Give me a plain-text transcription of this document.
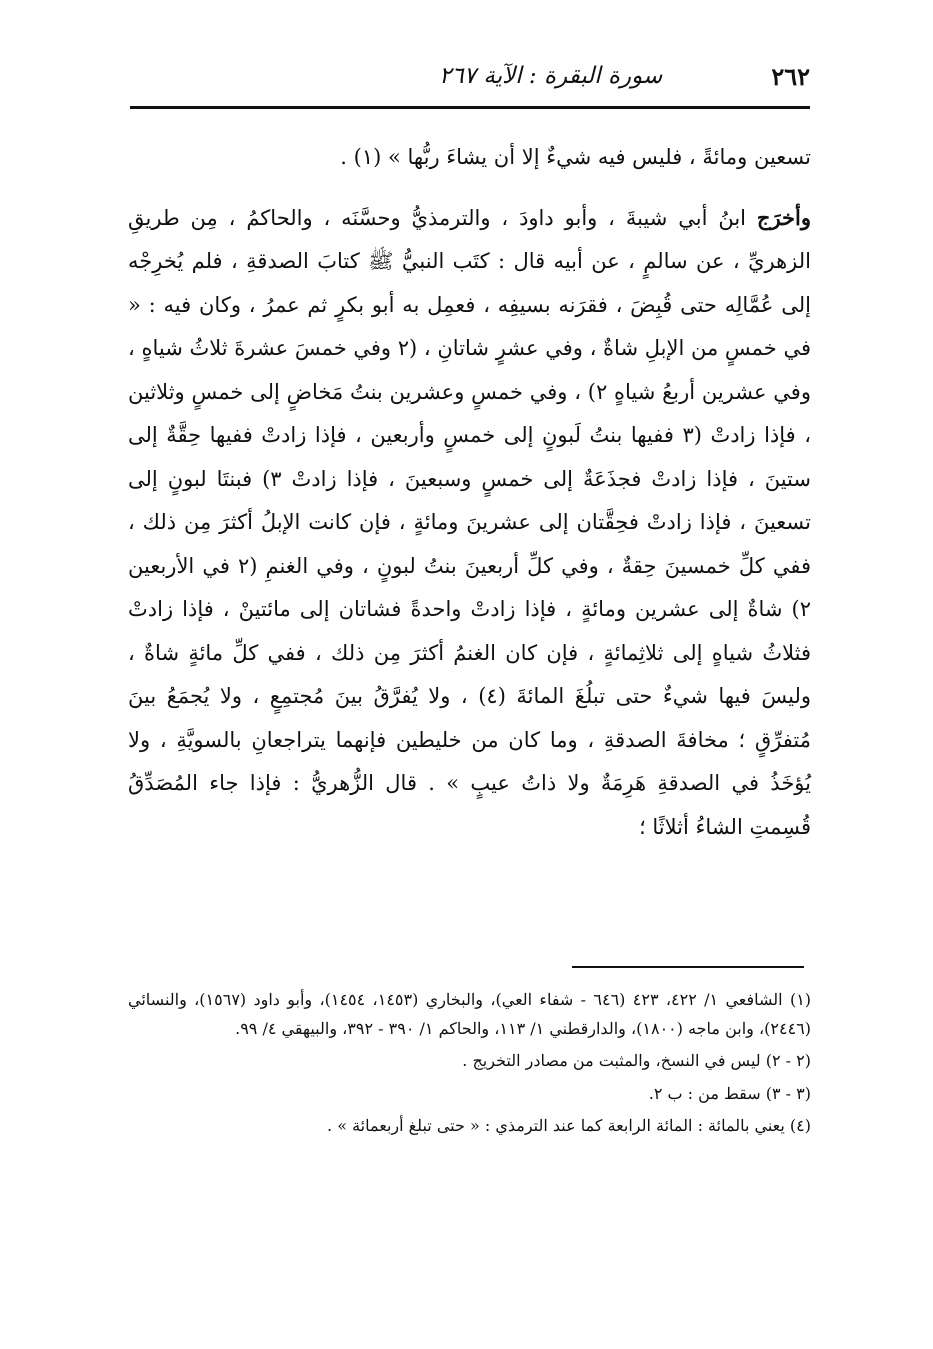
٢٦٢
سورة البقرة : الآية ٢٦٧

تسعين ومائةً ، فليس فيه شيءٌ إلا أن يشاءَ ربُّها » (١) .

وأخرَج ابنُ أبي شيبةَ ، وأبو داودَ ، والترمذيُّ وحسَّنَه ، والحاكمُ ، مِن طريقِ الزهريِّ ، عن سالمٍ ، عن أبيه قال : كتَب النبيُّ ﷺ كتابَ الصدقةِ ، فلم يُخرِجْه إلى عُمَّالِه حتى قُبِضَ ، فقرَنه بسيفِه ، فعمِل به أبو بكرٍ ثم عمرُ ، وكان فيه : « في خمسٍ من الإبلِ شاةٌ ، وفي عشرٍ شاتانِ ، (٢ وفي خمسَ عشرةَ ثلاثُ شياهٍ ، وفي عشرين أربعُ شياهٍ ٢) ، وفي خمسٍ وعشرين بنتُ مَخاضٍ إلى خمسٍ وثلاثين ، فإذا زادتْ (٣ ففيها بنتُ لَبونٍ إلى خمسٍ وأربعين ، فإذا زادتْ ففيها حِقَّةٌ إلى ستينَ ، فإذا زادتْ فجذَعَةٌ إلى خمسٍ وسبعينَ ، فإذا زادتْ ٣) فبنتَا لبونٍ إلى تسعينَ ، فإذا زادتْ فحِقَّتان إلى عشرينَ ومائةٍ ، فإن كانت الإبلُ أكثرَ مِن ذلك ، ففي كلِّ خمسينَ حِقةٌ ، وفي كلِّ أربعينَ بنتُ لبونٍ ، وفي الغنمِ (٢ في الأربعين ٢) شاةٌ إلى عشرين ومائةٍ ، فإذا زادتْ واحدةً فشاتان إلى مائتينْ ، فإذا زادتْ فثلاثُ شياهٍ إلى ثلاثِمائةٍ ، فإن كان الغنمُ أكثرَ مِن ذلك ، ففي كلِّ مائةٍ شاةٌ ، وليسَ فيها شيءٌ حتى تبلُغَ المائةَ (٤) ، ولا يُفرَّقُ بينَ مُجتمِعٍ ، ولا يُجمَعُ بينَ مُتفرِّقٍ ؛ مخافةَ الصدقةِ ، وما كان من خليطين فإنهما يتراجعانِ بالسويَّةِ ، ولا يُؤخَذُ في الصدقةِ هَرِمَةٌ ولا ذاتُ عيبٍ » . قال الزُّهريُّ : فإذا جاء المُصَدِّقُ قُسِمتِ الشاءُ أثلاثًا ؛

(١) الشافعي ١/ ٤٢٢، ٤٢٣ (٦٤٦ - شفاء العي)، والبخاري (١٤٥٣، ١٤٥٤)، وأبو داود (١٥٦٧)، والنسائي (٢٤٤٦)، وابن ماجه (١٨٠٠)، والدارقطني ١/ ١١٣، والحاكم ١/ ٣٩٠ - ٣٩٢، والبيهقي ٤/ ٩٩.

(٢ - ٢) ليس في النسخ، والمثبت من مصادر التخريج .

(٣ - ٣) سقط من : ب ٢.

(٤) يعني بالمائة : المائة الرابعة كما عند الترمذي : « حتى تبلغ أربعمائة » .
